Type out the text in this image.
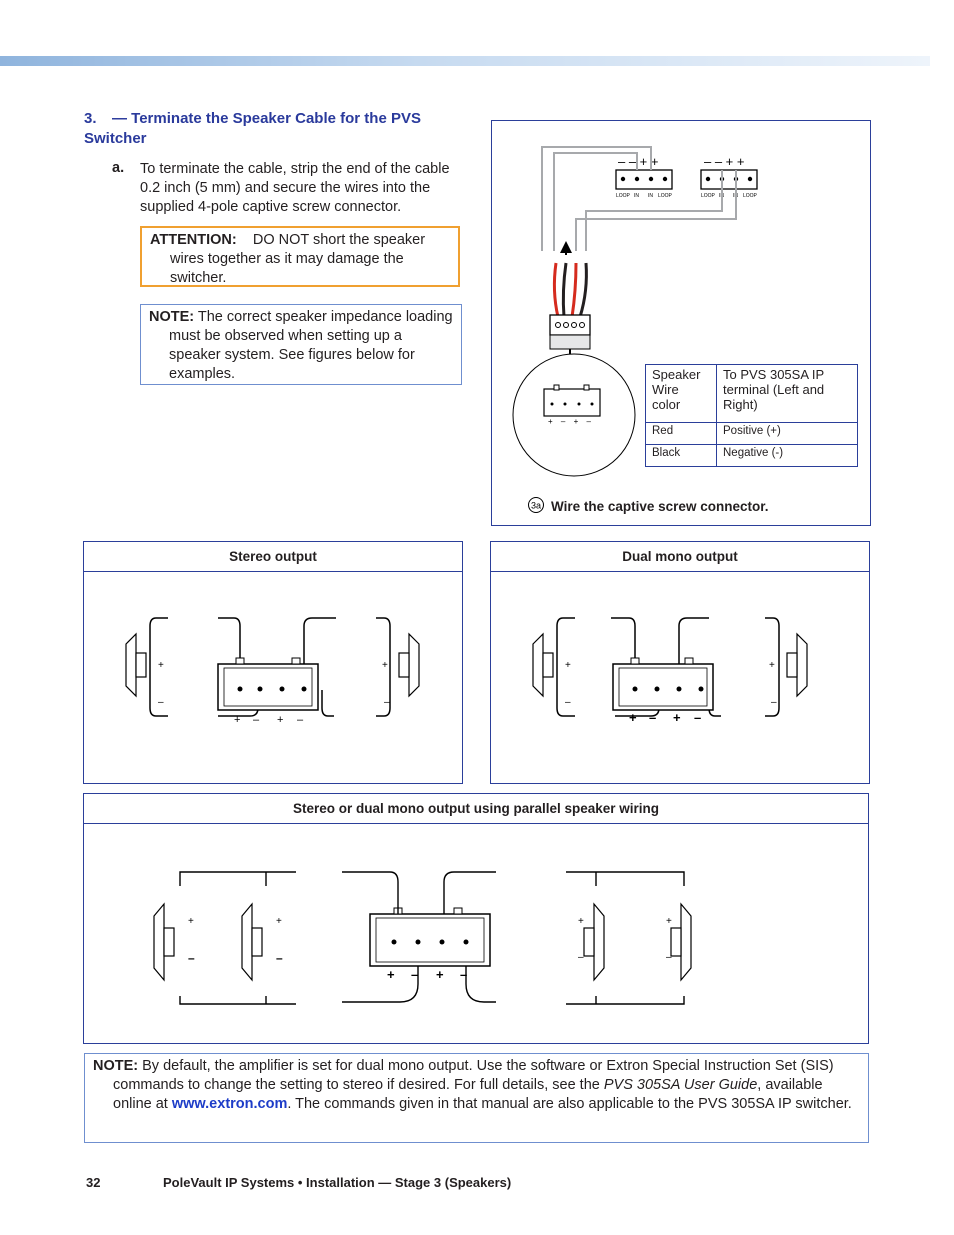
3. — Terminate the Speaker Cable for the PVS Switcher
a. To terminate the cable, strip the end of the cable 0.2 inch (5 mm) and secure the wires into the supplied 4-pole captive screw connector.
ATTENTION: DO NOT short the speaker wires together as it may damage the switcher.
NOTE: The correct speaker impedance loading must be observed when setting up a speaker system. See figures below for examples.
– – + +
LOOP IN IN LOOP
– – + +
LOOP IN IN LOOP
+ – + –
3a
Speaker Wire color	To PVS 305SA IP terminal (Left and Right)
Red	Positive (+)
Black	Negative (-)
Wire the captive screw connector.
Stereo output
+
–
+
–
+ – + –
Dual mono output
+
–
+
–
+ – + –
Stereo or dual mono output using parallel speaker wiring
+
–
+
–
+ – + –
+
–
+
–
NOTE: By default, the amplifier is set for dual mono output. Use the software or Extron Special Instruction Set (SIS) commands to change the setting to stereo if desired. For full details, see the PVS 305SA User Guide, available online at www.extron.com. The commands given in that manual are also applicable to the PVS 305SA IP switcher.
32	PoleVault IP Systems • Installation — Stage 3 (Speakers)
